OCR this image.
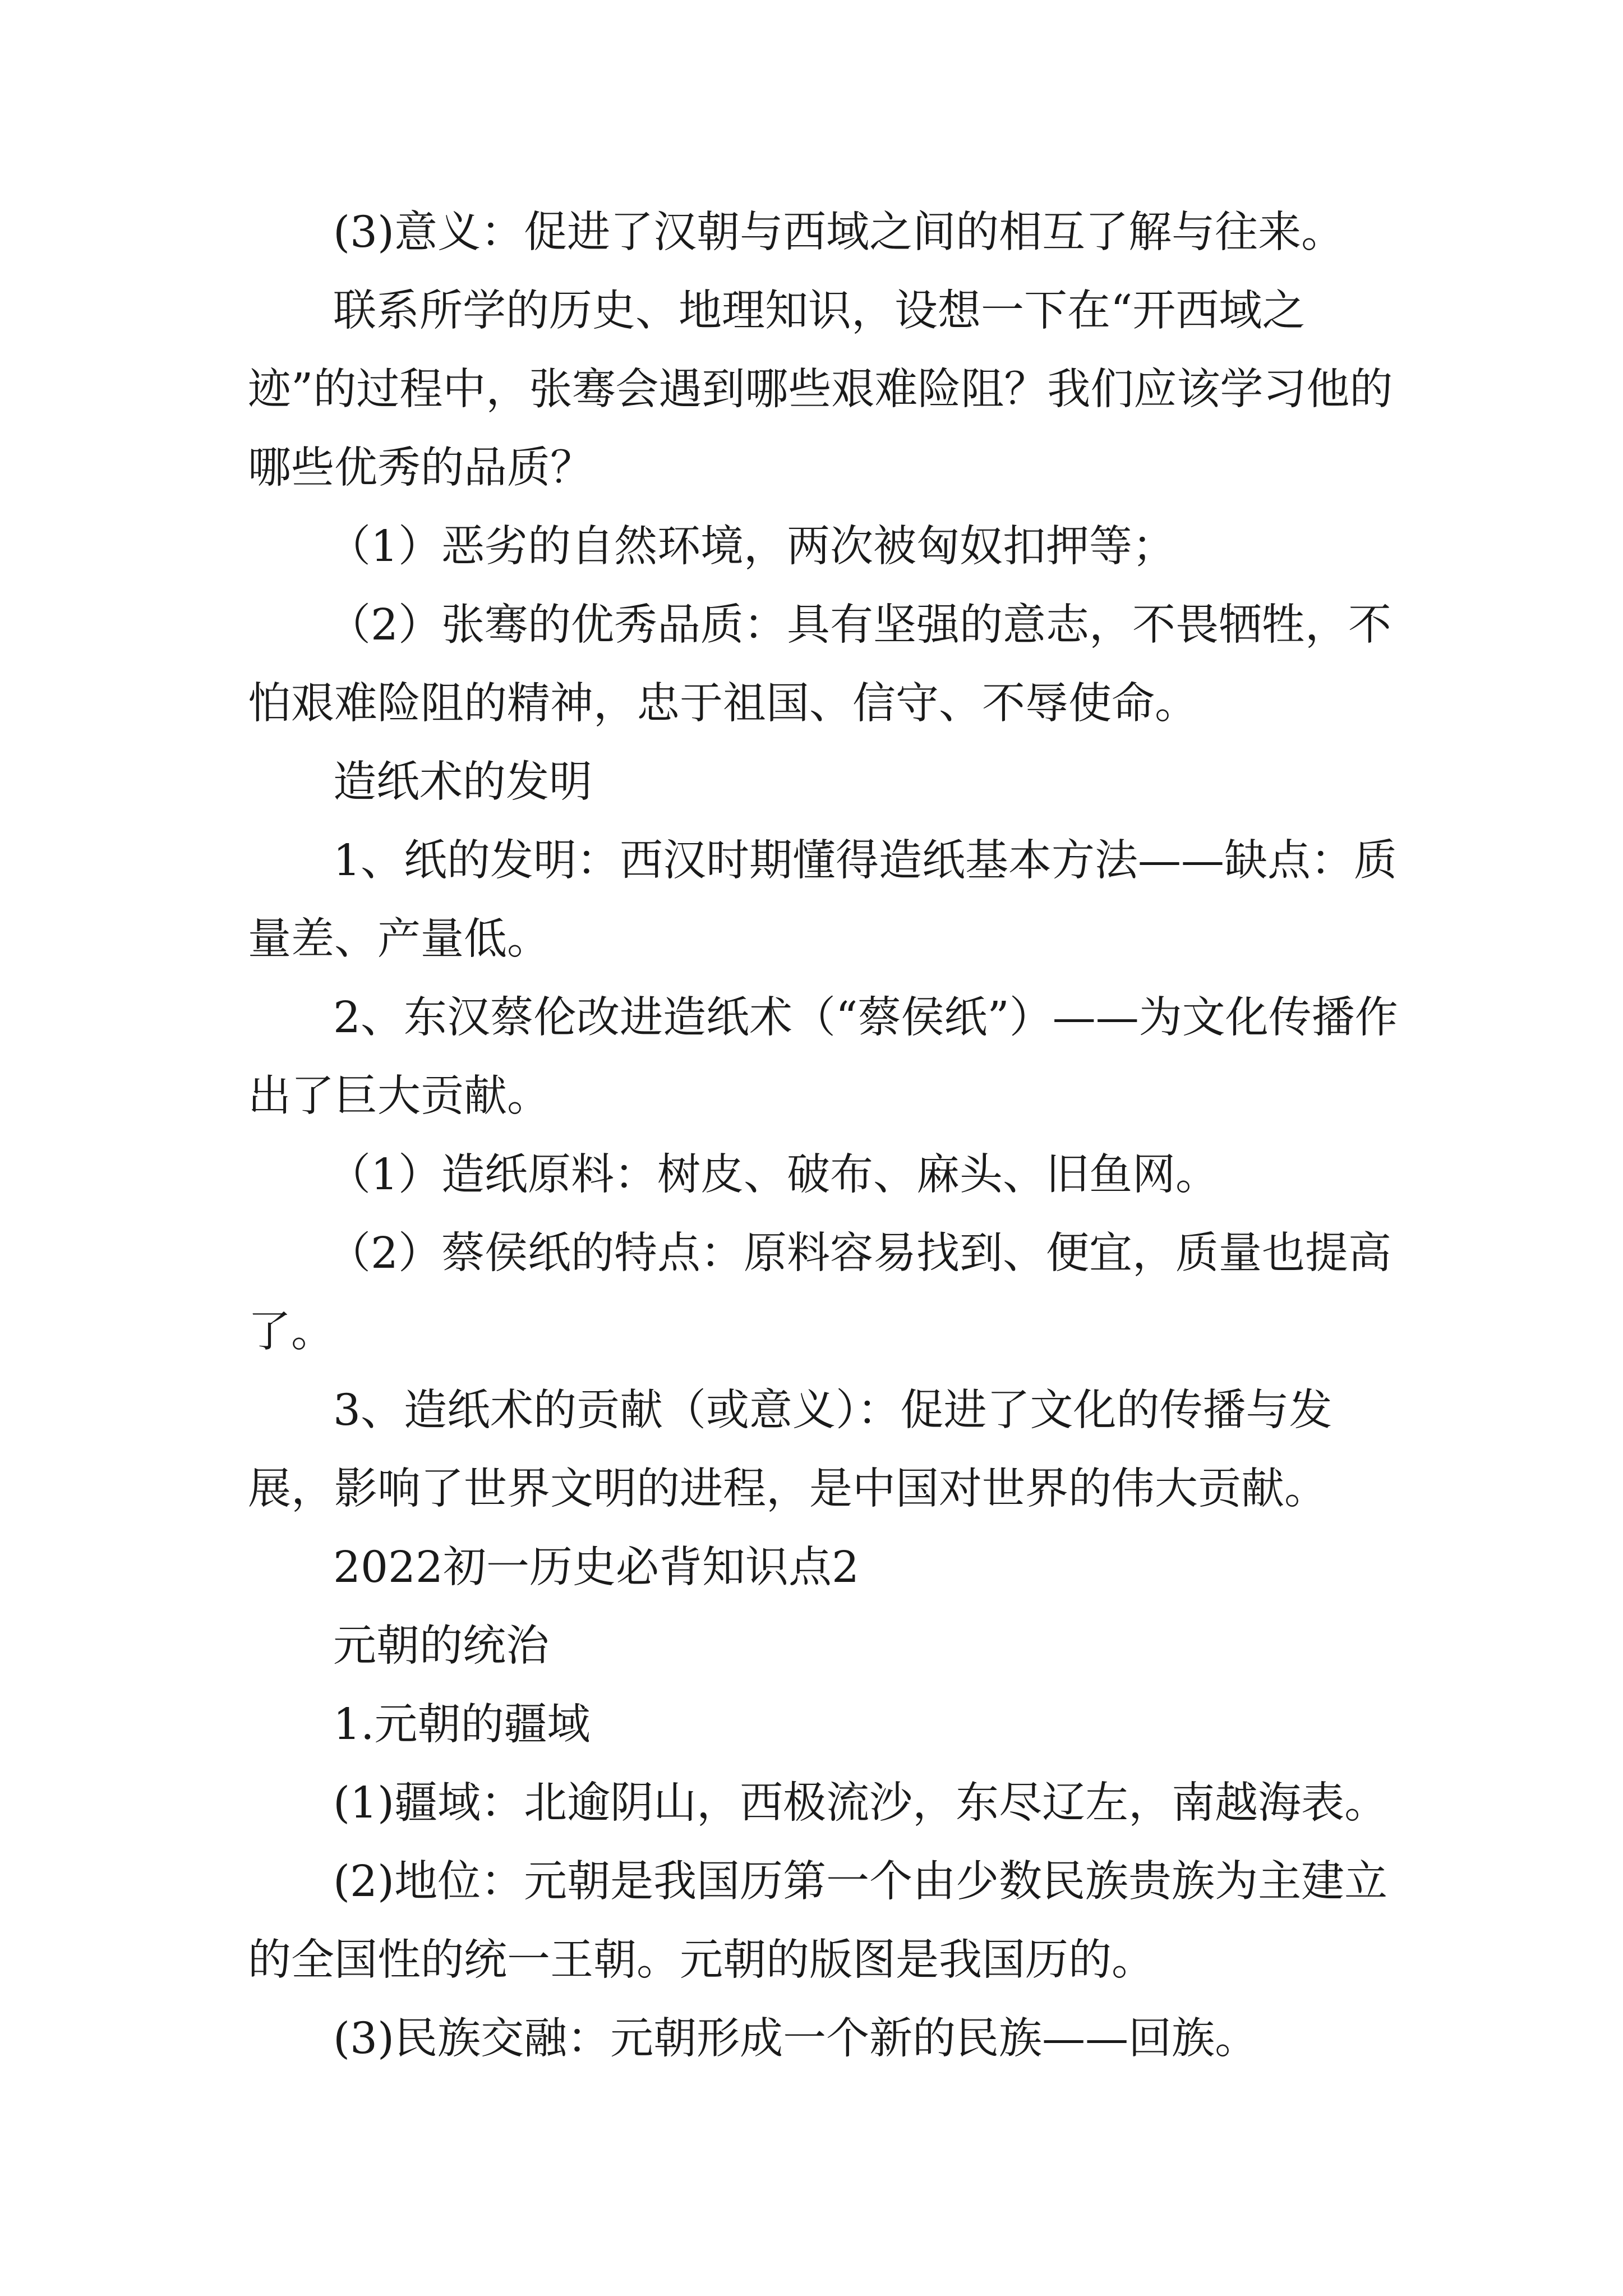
(3)意义：促进了汉朝与西域之间的相互了解与往来。

联系所学的历史、地理知识，设想一下在“开西域之迹”的过程中，张骞会遇到哪些艰难险阻？我们应该学习他的哪些优秀的品质？

（1）恶劣的自然环境，两次被匈奴扣押等；

（2）张骞的优秀品质：具有坚强的意志，不畏牺牲，不怕艰难险阻的精神，忠于祖国、信守、不辱使命。

造纸术的发明

1、纸的发明：西汉时期懂得造纸基本方法——缺点：质量差、产量低。

2、东汉蔡伦改进造纸术（“蔡侯纸”）——为文化传播作出了巨大贡献。

（1）造纸原料：树皮、破布、麻头、旧鱼网。

（2）蔡侯纸的特点：原料容易找到、便宜，质量也提高了。

3、造纸术的贡献（或意义）：促进了文化的传播与发展，影响了世界文明的进程，是中国对世界的伟大贡献。

2022初一历史必背知识点2

元朝的统治

1.元朝的疆域

(1)疆域：北逾阴山，西极流沙，东尽辽左，南越海表。

(2)地位：元朝是我国历第一个由少数民族贵族为主建立的全国性的统一王朝。元朝的版图是我国历的。

(3)民族交融：元朝形成一个新的民族——回族。
